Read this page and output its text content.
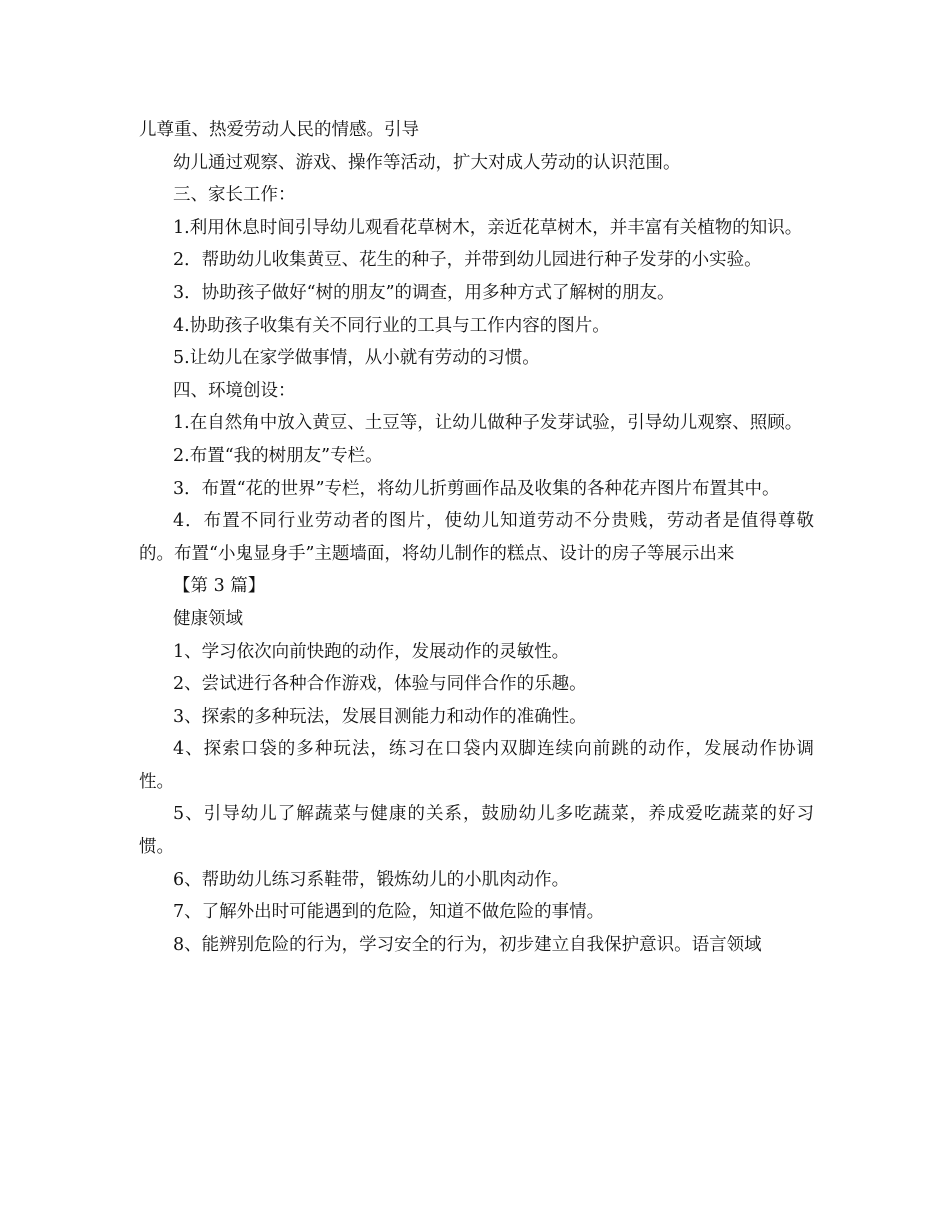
儿尊重、热爱劳动人民的情感。引导

幼儿通过观察、游戏、操作等活动，扩大对成人劳动的认识范围。

三、家长工作：

1.利用休息时间引导幼儿观看花草树木，亲近花草树木，并丰富有关植物的知识。

2．帮助幼儿收集黄豆、花生的种子，并带到幼儿园进行种子发芽的小实验。

3．协助孩子做好“树的朋友”的调查，用多种方式了解树的朋友。

4.协助孩子收集有关不同行业的工具与工作内容的图片。

5.让幼儿在家学做事情，从小就有劳动的习惯。

四、环境创设：

1.在自然角中放入黄豆、土豆等，让幼儿做种子发芽试验，引导幼儿观察、照顾。

2.布置“我的树朋友”专栏。

3．布置“花的世界”专栏，将幼儿折剪画作品及收集的各种花卉图片布置其中。

4．布置不同行业劳动者的图片，使幼儿知道劳动不分贵贱，劳动者是值得尊敬的。布置“小鬼显身手”主题墙面，将幼儿制作的糕点、设计的房子等展示出来

【第 3 篇】

健康领域

1、学习依次向前快跑的动作，发展动作的灵敏性。

2、尝试进行各种合作游戏，体验与同伴合作的乐趣。

3、探索的多种玩法，发展目测能力和动作的准确性。

4、探索口袋的多种玩法，练习在口袋内双脚连续向前跳的动作，发展动作协调性。

5、引导幼儿了解蔬菜与健康的关系，鼓励幼儿多吃蔬菜，养成爱吃蔬菜的好习惯。

6、帮助幼儿练习系鞋带，锻炼幼儿的小肌肉动作。

7、了解外出时可能遇到的危险，知道不做危险的事情。

8、能辨别危险的行为，学习安全的行为，初步建立自我保护意识。语言领域
